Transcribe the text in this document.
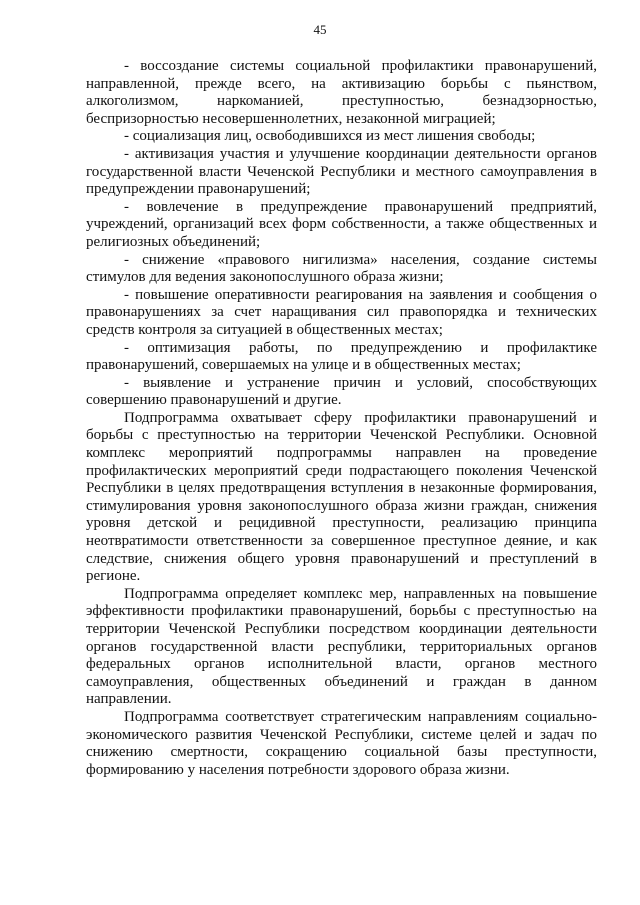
45

- воссоздание системы социальной профилактики правонарушений, направленной, прежде всего, на активизацию борьбы с пьянством, алкоголизмом, наркоманией, преступностью, безнадзорностью, беспризорностью несовершеннолетних, незаконной миграцией;

- социализация лиц, освободившихся из мест лишения свободы;

- активизация участия и улучшение координации деятельности органов государственной власти Чеченской Республики и местного самоуправления в предупреждении правонарушений;

- вовлечение в предупреждение правонарушений предприятий, учреждений, организаций всех форм собственности, а также общественных и религиозных объединений;

- снижение «правового нигилизма» населения, создание системы стимулов для ведения законопослушного образа жизни;

- повышение оперативности реагирования на заявления и сообщения о правонарушениях за счет наращивания сил правопорядка и технических средств контроля за ситуацией в общественных местах;

- оптимизация работы, по предупреждению и профилактике правонарушений, совершаемых на улице и в общественных местах;

- выявление и устранение причин и условий, способствующих совершению правонарушений и другие.

Подпрограмма охватывает сферу профилактики правонарушений и борьбы с преступностью на территории Чеченской Республики. Основной комплекс мероприятий подпрограммы направлен на проведение профилактических мероприятий среди подрастающего поколения Чеченской Республики в целях предотвращения вступления в незаконные формирования, стимулирования уровня законопослушного образа жизни граждан, снижения уровня детской и рецидивной преступности, реализацию принципа неотвратимости ответственности за совершенное преступное деяние, и как следствие, снижения общего уровня правонарушений и преступлений в регионе.

Подпрограмма определяет комплекс мер, направленных на повышение эффективности профилактики правонарушений, борьбы с преступностью на территории Чеченской Республики посредством координации деятельности органов государственной власти республики, территориальных органов федеральных органов исполнительной власти, органов местного самоуправления, общественных объединений и граждан в данном направлении.

Подпрограмма соответствует стратегическим направлениям социально-экономического развития Чеченской Республики, системе целей и задач по снижению смертности, сокращению социальной базы преступности, формированию у населения потребности здорового образа жизни.
